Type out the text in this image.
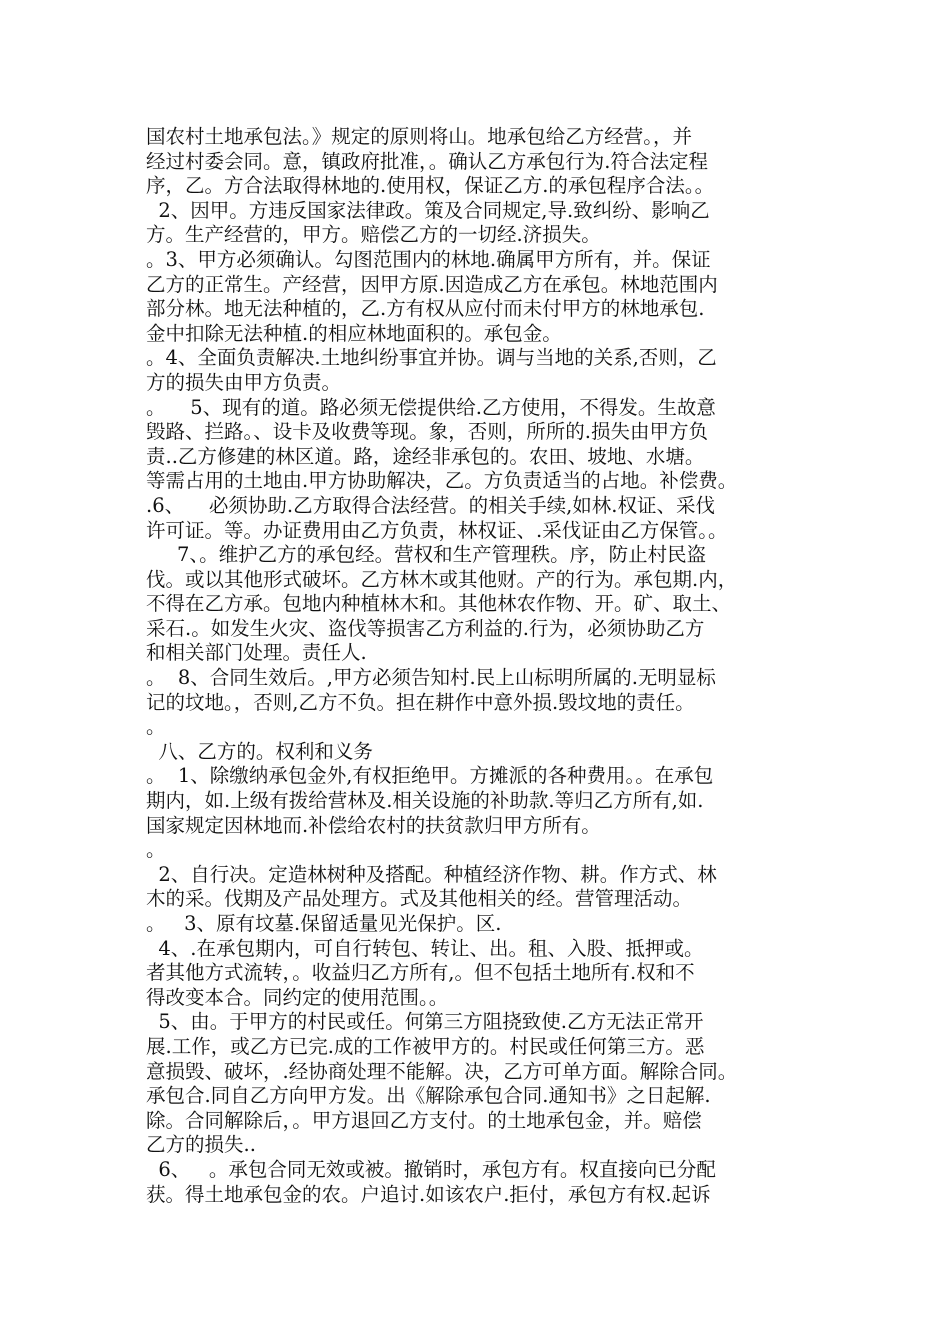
国农村土地承包法。》规定的原则将山。地承包给乙方经营。，并
经过村委会同。意，镇政府批准，。确认乙方承包行为.符合法定程
序，乙。方合法取得林地的.使用权，保证乙方.的承包程序合法。。
2、因甲。方违反国家法律政。策及合同规定,导.致纠纷、影响乙
方。生产经营的，甲方。赔偿乙方的一切经.济损失。
。3、甲方必须确认。勾图范围内的林地.确属甲方所有，并。保证
乙方的正常生。产经营，因甲方原.因造成乙方在承包。林地范围内
部分林。地无法种植的，乙.方有权从应付而未付甲方的林地承包.
金中扣除无法种植.的相应林地面积的。承包金。
。4、全面负责解决.土地纠纷事宜并协。调与当地的关系,否则，乙
方的损失由甲方负责。
。    5、现有的道。路必须无偿提供给.乙方使用，不得发。生故意
毁路、拦路。、设卡及收费等现。象，否则，所所的.损失由甲方负
责..乙方修建的林区道。路，途经非承包的。农田、坡地、水塘。
等需占用的土地由.甲方协助解决，乙。方负责适当的占地。补偿费。
.6、    必须协助.乙方取得合法经营。的相关手续,如林.权证、采伐
许可证。等。办证费用由乙方负责，林权证、.采伐证由乙方保管。。
7、。维护乙方的承包经。营权和生产管理秩。序，防止村民盗
伐。或以其他形式破坏。乙方林木或其他财。产的行为。承包期.内，
不得在乙方承。包地内种植林木和。其他林农作物、开。矿、取土、
采石.。如发生火灾、盗伐等损害乙方利益的.行为，必须协助乙方
和相关部门处理。责任人.
。  8、合同生效后。,甲方必须告知村.民上山标明所属的.无明显标
记的坟地。，否则,乙方不负。担在耕作中意外损.毁坟地的责任。
。
八、乙方的。权利和义务
。  1、除缴纳承包金外,有权拒绝甲。方摊派的各种费用。。在承包
期内，如.上级有拨给营林及.相关设施的补助款.等归乙方所有,如.
国家规定因林地而.补偿给农村的扶贫款归甲方所有。
。
2、自行决。定造林树种及搭配。种植经济作物、耕。作方式、林
木的采。伐期及产品处理方。式及其他相关的经。营管理活动。
。   3、原有坟墓.保留适量见光保护。区.
4、.在承包期内，可自行转包、转让、出。租、入股、抵押或。
者其他方式流转，。收益归乙方所有,。但不包括土地所有.权和不
得改变本合。同约定的使用范围。。
5、由。于甲方的村民或任。何第三方阻挠致使.乙方无法正常开
展.工作，或乙方已完.成的工作被甲方的。村民或任何第三方。恶
意损毁、破坏，.经协商处理不能解。决，乙方可单方面。解除合同。
承包合.同自乙方向甲方发。出《解除承包合同.通知书》之日起解.
除。合同解除后，。甲方退回乙方支付。的土地承包金，并。赔偿
乙方的损失..
6、   。承包合同无效或被。撤销时，承包方有。权直接向已分配
获。得土地承包金的农。户追讨.如该农户.拒付，承包方有权.起诉
